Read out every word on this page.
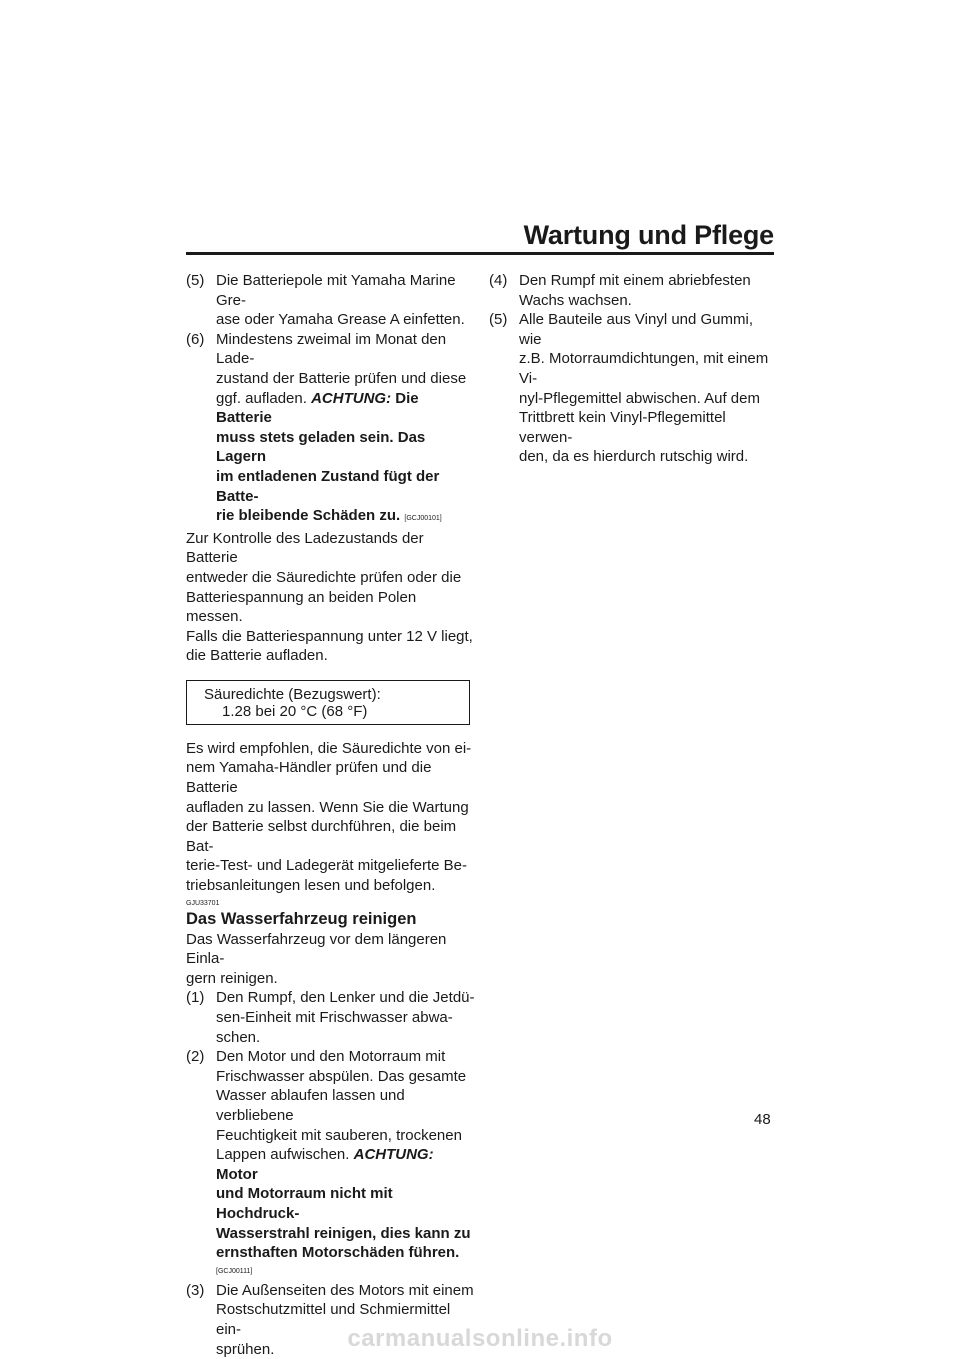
Wartung und Pflege
(5) Die Batteriepole mit Yamaha Marine Gre-
ase oder Yamaha Grease A einfetten.
(6) Mindestens zweimal im Monat den Lade-
zustand der Batterie prüfen und diese
ggf. aufladen. ACHTUNG: Die Batterie
muss stets geladen sein. Das Lagern
im entladenen Zustand fügt der Batte-
rie bleibende Schäden zu. [GCJ00101]
Zur Kontrolle des Ladezustands der Batterie
entweder die Säuredichte prüfen oder die
Batteriespannung an beiden Polen messen.
Falls die Batteriespannung unter 12 V liegt,
die Batterie aufladen.
Säuredichte (Bezugswert):
1.28 bei 20 °C (68 °F)
Es wird empfohlen, die Säuredichte von ei-
nem Yamaha-Händler prüfen und die Batterie
aufladen zu lassen. Wenn Sie die Wartung
der Batterie selbst durchführen, die beim Bat-
terie-Test- und Ladegerät mitgelieferte Be-
triebsanleitungen lesen und befolgen.
GJU33701
Das Wasserfahrzeug reinigen
Das Wasserfahrzeug vor dem längeren Einla-
gern reinigen.
(1) Den Rumpf, den Lenker und die Jetdü-
sen-Einheit mit Frischwasser abwa-
schen.
(2) Den Motor und den Motorraum mit
Frischwasser abspülen. Das gesamte
Wasser ablaufen lassen und verbliebene
Feuchtigkeit mit sauberen, trockenen
Lappen aufwischen. ACHTUNG: Motor
und Motorraum nicht mit Hochdruck-
Wasserstrahl reinigen, dies kann zu
ernsthaften Motorschäden führen.
[GCJ00111]
(3) Die Außenseiten des Motors mit einem
Rostschutzmittel und Schmiermittel ein-
sprühen.
(4) Den Rumpf mit einem abriebfesten
Wachs wachsen.
(5) Alle Bauteile aus Vinyl und Gummi, wie
z.B. Motorraumdichtungen, mit einem Vi-
nyl-Pflegemittel abwischen. Auf dem
Trittbrett kein Vinyl-Pflegemittel verwen-
den, da es hierdurch rutschig wird.
48
carmanualsonline.info
